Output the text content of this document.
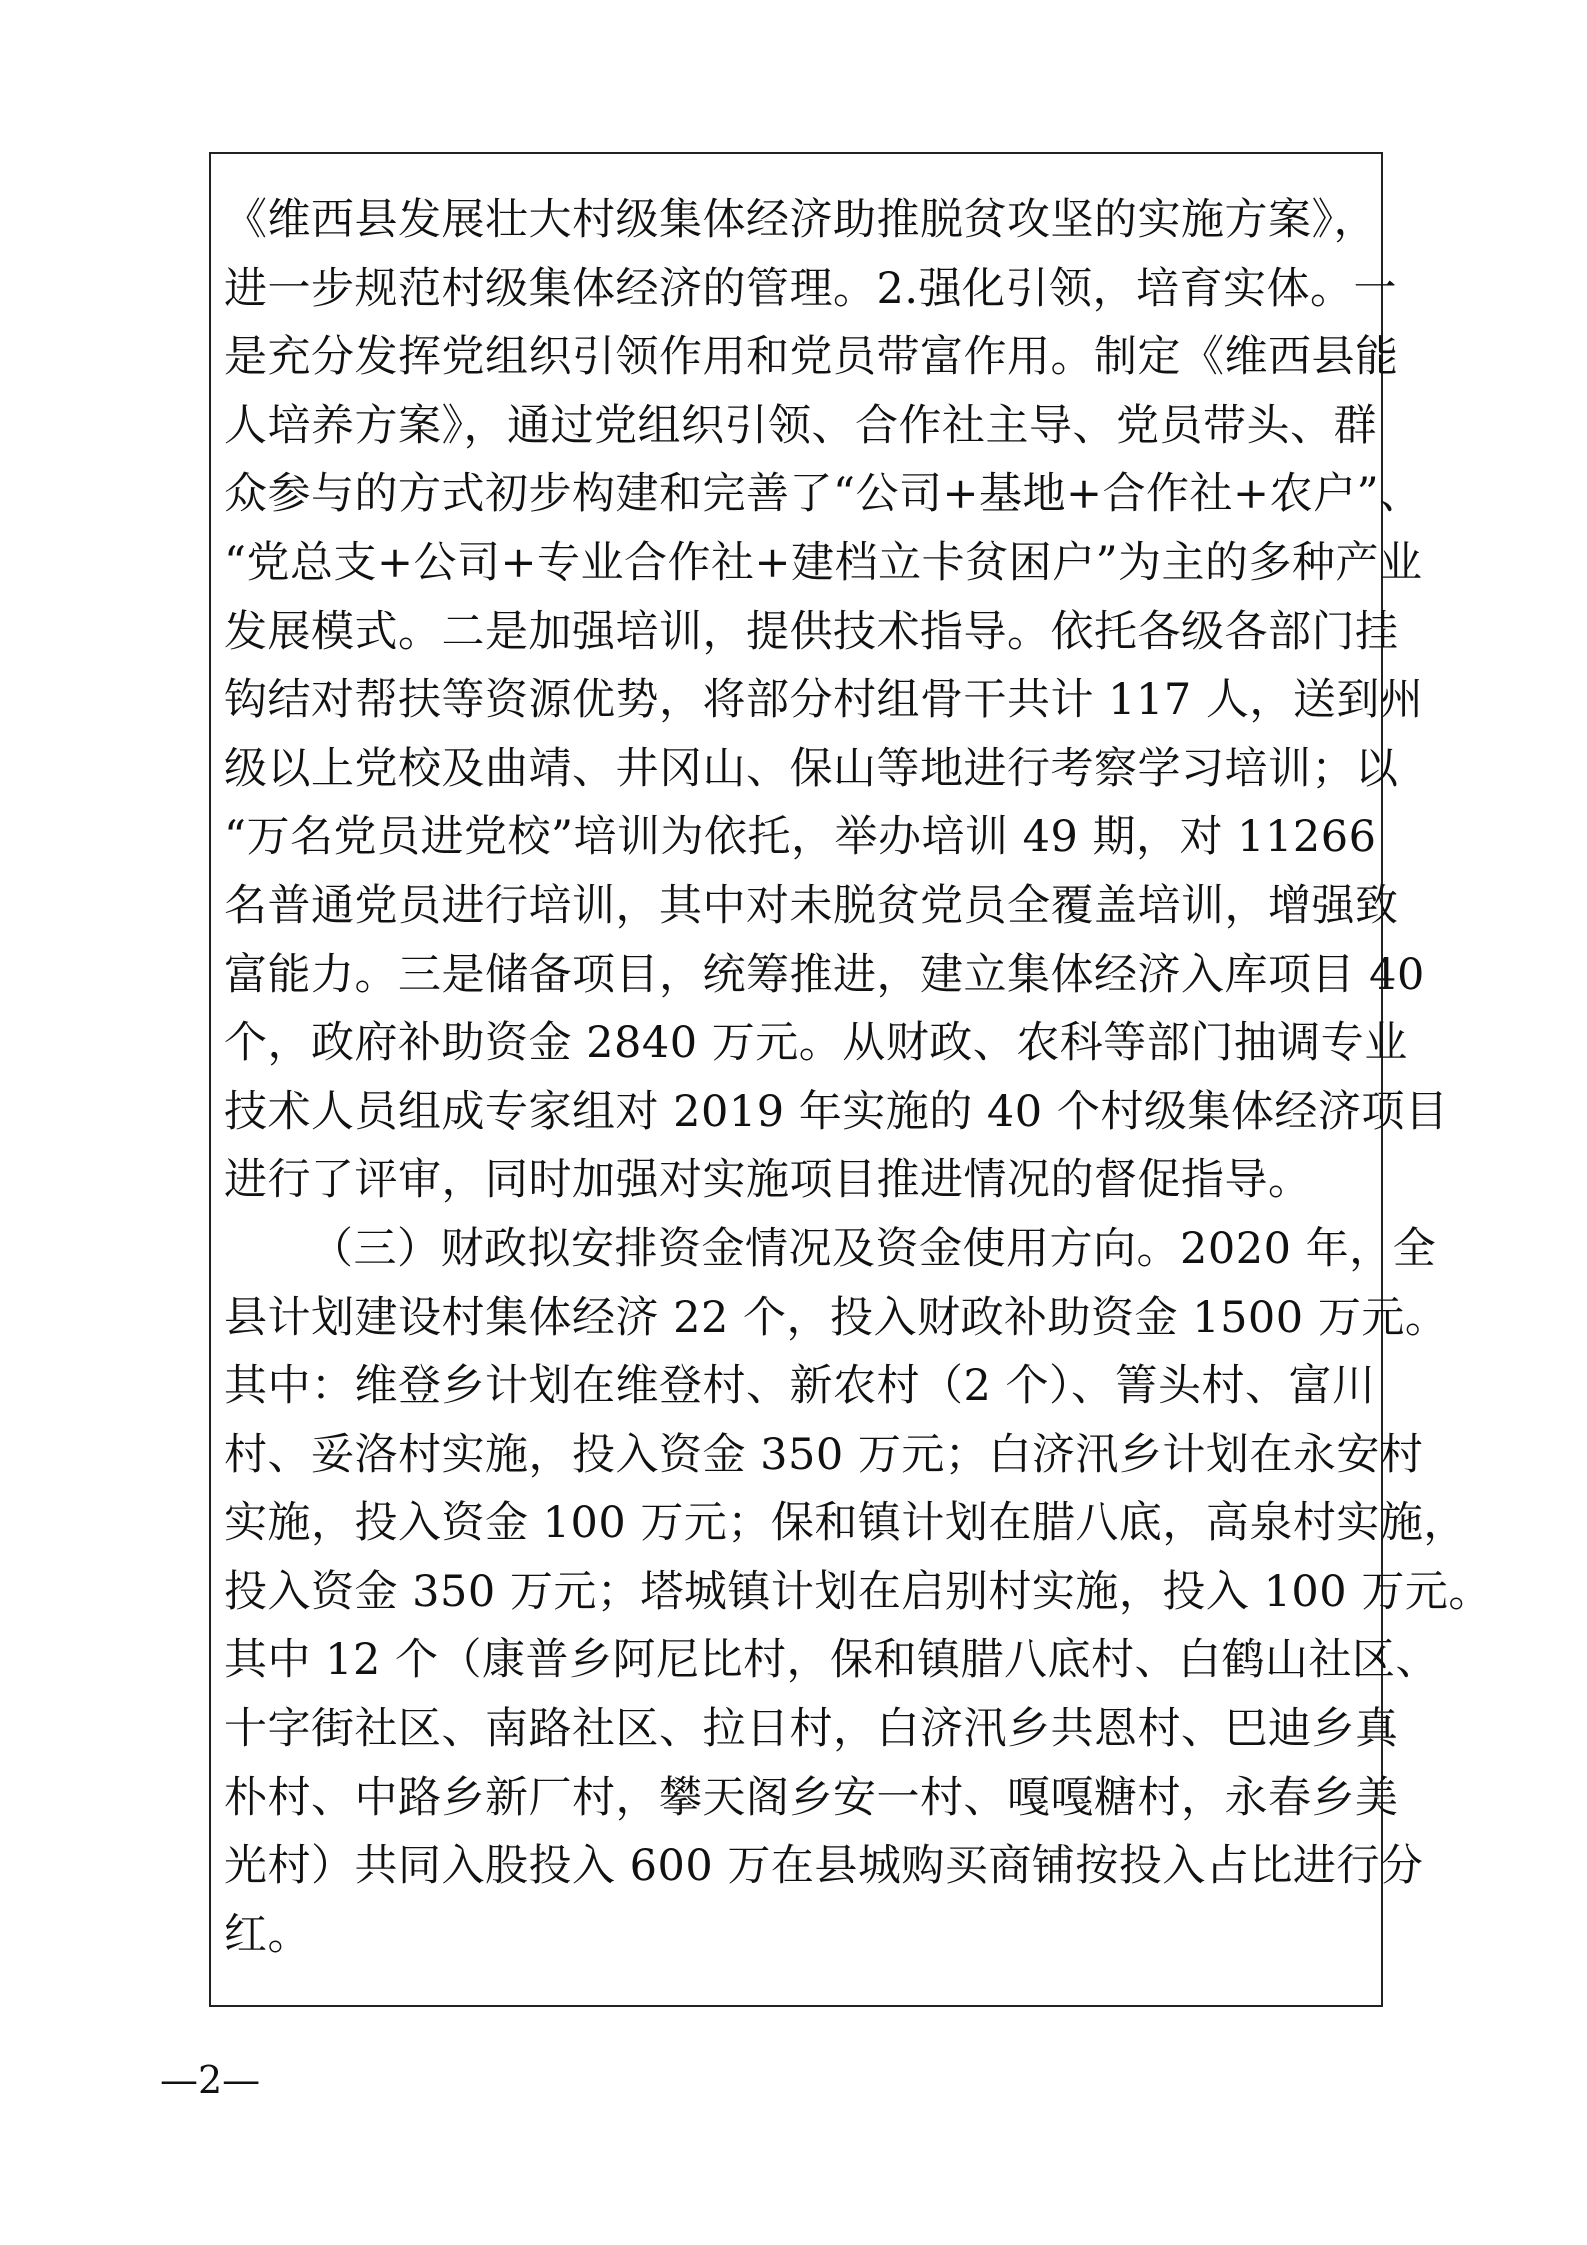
《维西县发展壮大村级集体经济助推脱贫攻坚的实施方案》，
进一步规范村级集体经济的管理。2.强化引领，培育实体。一
是充分发挥党组织引领作用和党员带富作用。制定《维西县能
人培养方案》，通过党组织引领、合作社主导、党员带头、群
众参与的方式初步构建和完善了“公司+基地+合作社+农户”、
“党总支+公司+专业合作社+建档立卡贫困户”为主的多种产业
发展模式。二是加强培训，提供技术指导。依托各级各部门挂
钩结对帮扶等资源优势，将部分村组骨干共计 117 人，送到州
级以上党校及曲靖、井冈山、保山等地进行考察学习培训；以
“万名党员进党校”培训为依托，举办培训 49 期，对 11266
名普通党员进行培训，其中对未脱贫党员全覆盖培训，增强致
富能力。三是储备项目，统筹推进，建立集体经济入库项目 40
个，政府补助资金 2840 万元。从财政、农科等部门抽调专业
技术人员组成专家组对 2019 年实施的 40 个村级集体经济项目
进行了评审，同时加强对实施项目推进情况的督促指导。
（三）财政拟安排资金情况及资金使用方向。2020 年，全
县计划建设村集体经济 22 个，投入财政补助资金 1500 万元。
其中：维登乡计划在维登村、新农村（2 个）、箐头村、富川
村、妥洛村实施，投入资金 350 万元；白济汛乡计划在永安村
实施，投入资金 100 万元；保和镇计划在腊八底，高泉村实施，
投入资金 350 万元；塔城镇计划在启别村实施，投入 100 万元。
其中 12 个（康普乡阿尼比村，保和镇腊八底村、白鹤山社区、
十字街社区、南路社区、拉日村，白济汛乡共恩村、巴迪乡真
朴村、中路乡新厂村，攀天阁乡安一村、嘎嘎糖村，永春乡美
光村）共同入股投入 600 万在县城购买商铺按投入占比进行分
红。
—2—
